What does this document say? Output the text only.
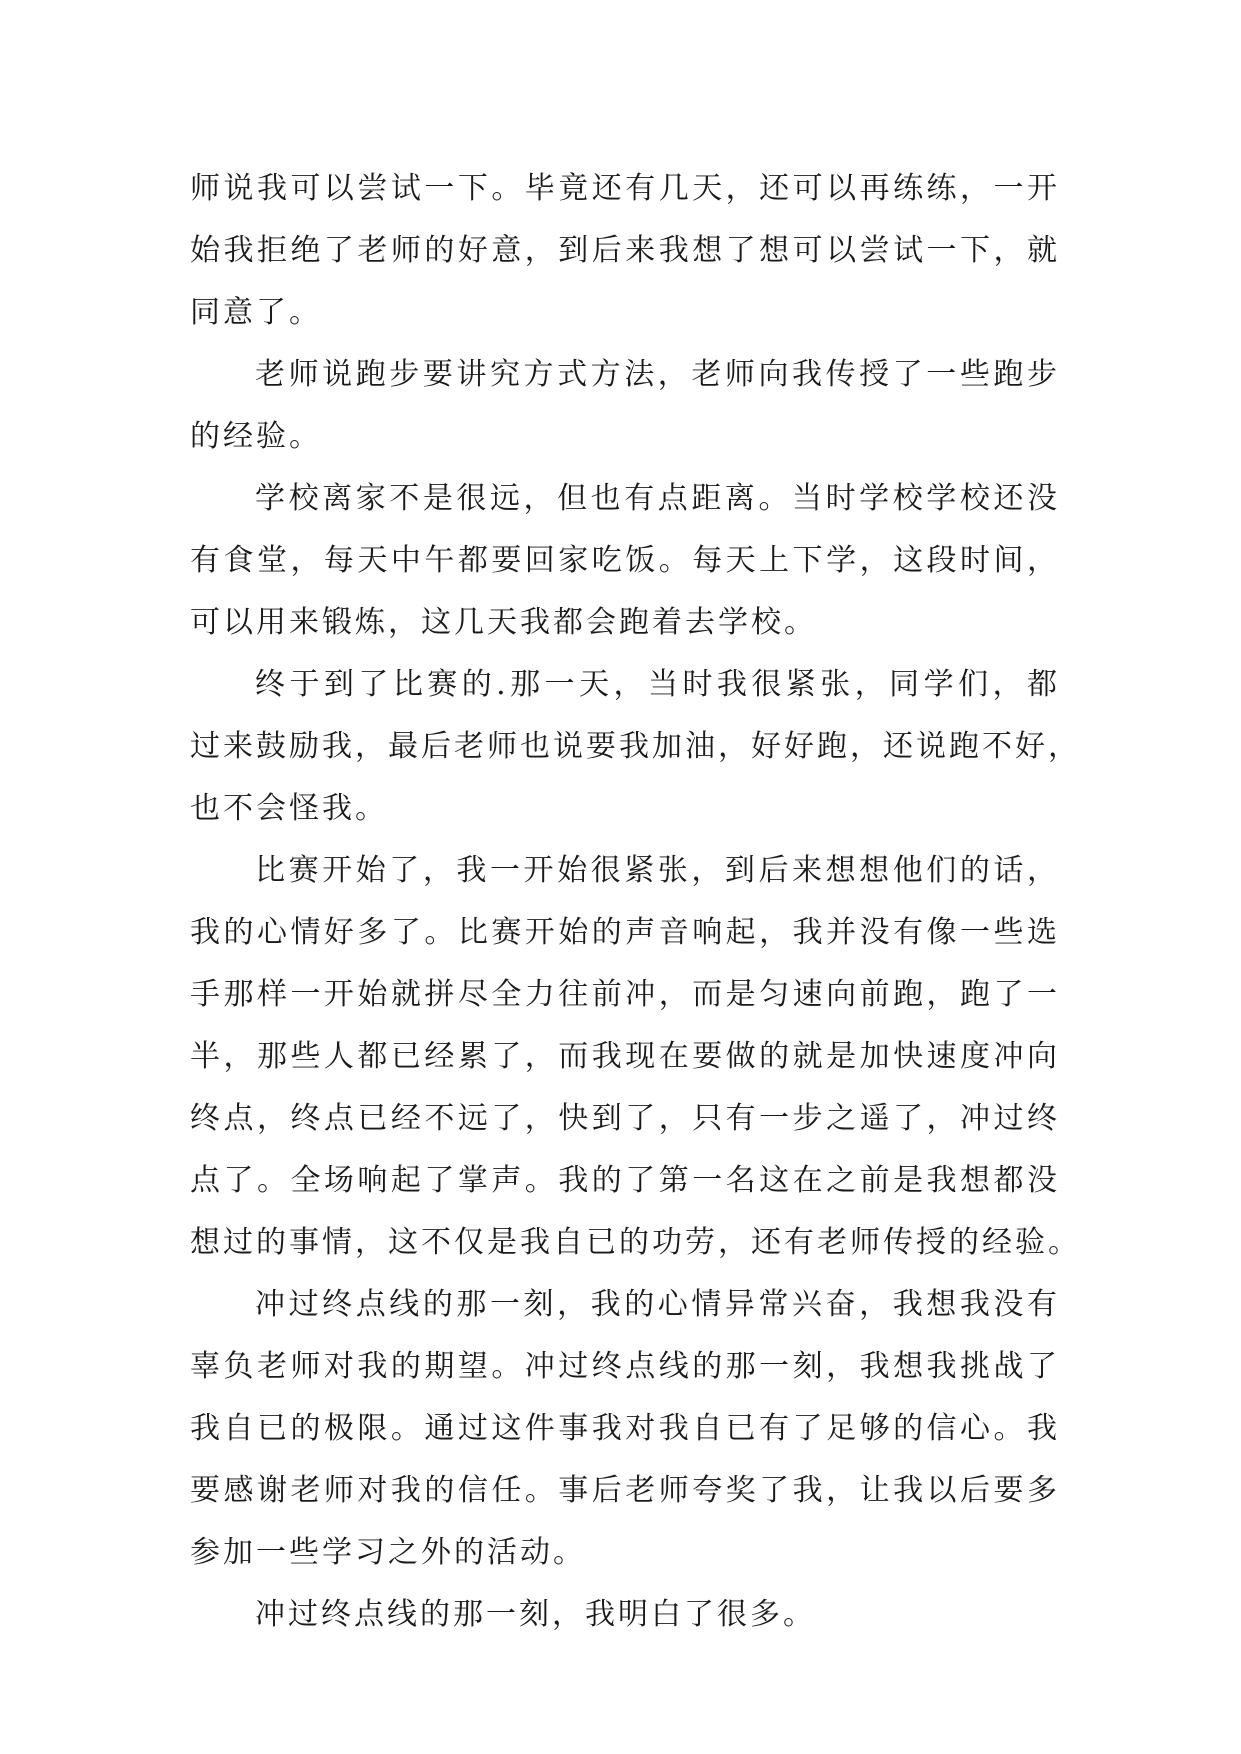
师说我可以尝试一下。毕竟还有几天，还可以再练练，一开
始我拒绝了老师的好意，到后来我想了想可以尝试一下，就
同意了。
老师说跑步要讲究方式方法，老师向我传授了一些跑步
的经验。
学校离家不是很远，但也有点距离。当时学校学校还没
有食堂，每天中午都要回家吃饭。每天上下学，这段时间，
可以用来锻炼，这几天我都会跑着去学校。
终于到了比赛的.那一天，当时我很紧张，同学们，都
过来鼓励我，最后老师也说要我加油，好好跑，还说跑不好，
也不会怪我。
比赛开始了，我一开始很紧张，到后来想想他们的话，
我的心情好多了。比赛开始的声音响起，我并没有像一些选
手那样一开始就拼尽全力往前冲，而是匀速向前跑，跑了一
半，那些人都已经累了，而我现在要做的就是加快速度冲向
终点，终点已经不远了，快到了，只有一步之遥了，冲过终
点了。全场响起了掌声。我的了第一名这在之前是我想都没
想过的事情，这不仅是我自已的功劳，还有老师传授的经验。
冲过终点线的那一刻，我的心情异常兴奋，我想我没有
辜负老师对我的期望。冲过终点线的那一刻，我想我挑战了
我自已的极限。通过这件事我对我自已有了足够的信心。我
要感谢老师对我的信任。事后老师夸奖了我，让我以后要多
参加一些学习之外的活动。
冲过终点线的那一刻，我明白了很多。
